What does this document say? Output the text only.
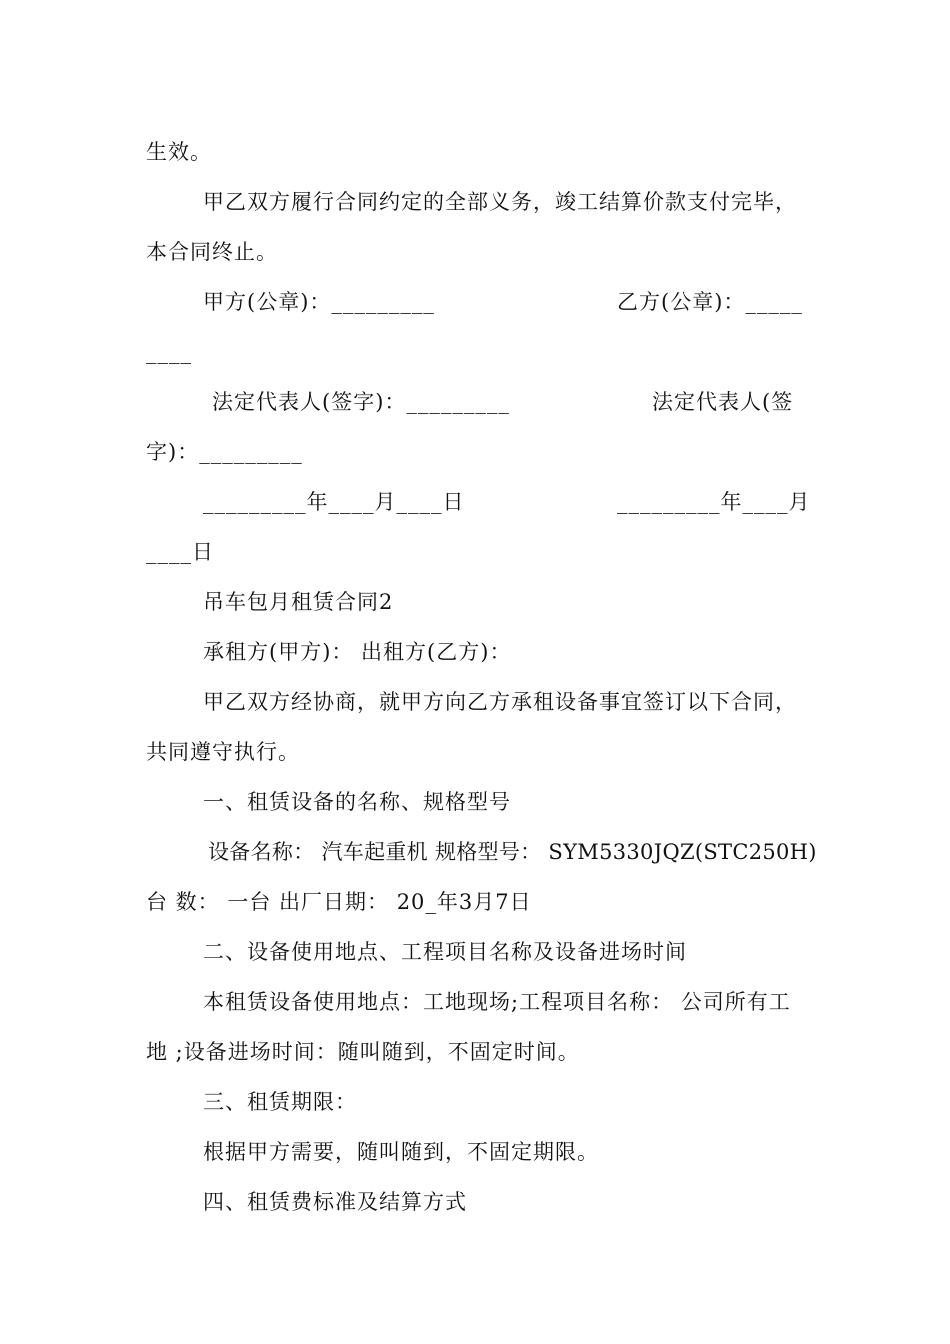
生效。
甲乙双方履行合同约定的全部义务，竣工结算价款支付完毕，
本合同终止。
甲方(公章)：_________	乙方(公章)：_____
____
法定代表人(签字)：_________	法定代表人(签
字)：_________
_________年____月____日	_________年____月
____日
吊车包月租赁合同2
承租方(甲方)： 出租方(乙方)：
甲乙双方经协商，就甲方向乙方承租设备事宜签订以下合同，
共同遵守执行。
一、租赁设备的名称、规格型号
设备名称： 汽车起重机 规格型号： SYM5330JQZ(STC250H)
台 数： 一台 出厂日期： 20_年3月7日
二、设备使用地点、工程项目名称及设备进场时间
本租赁设备使用地点：工地现场;工程项目名称： 公司所有工
地 ;设备进场时间：随叫随到，不固定时间。
三、租赁期限：
根据甲方需要，随叫随到，不固定期限。
四、租赁费标准及结算方式
